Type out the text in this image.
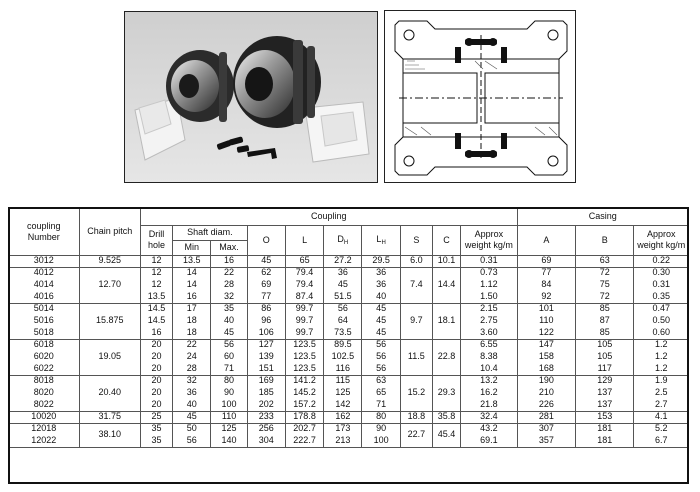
coupling Number	Chain pitch	Coupling										Casing		
		Drill hole	Shaft diam.		O	L	$D_H$	$L_H$	S	C	Approx weight kg/m	A	B	Approx weight kg/m
			Min	Max.										
3012	9.525	12	13.5	16	45	65	27.2	29.5	6.0	10.1	0.31	69	63	0.22
4012	12.70	12	14	22	62	79.4	36	36	7.4	14.4	0.73	77	72	0.30
4014		12	14	28	69	79.4	45	36			1.12	84	75	0.31
4016		13.5	16	32	77	87.4	51.5	40			1.50	92	72	0.35
5014	15.875	14.5	17	35	86	99.7	56	45	9.7	18.1	2.15	101	85	0.47
5016		14.5	18	40	96	99.7	64	45			2.75	110	87	0.50
5018		16	18	45	106	99.7	73.5	45			3.60	122	85	0.60
6018	19.05	20	22	56	127	123.5	89.5	56	11.5	22.8	6.55	147	105	1.2
6020		20	24	60	139	123.5	102.5	56			8.38	158	105	1.2
6022		20	28	71	151	123.5	116	56			10.4	168	117	1.2
8018	20.40	20	32	80	169	141.2	115	63	15.2	29.3	13.2	190	129	1.9
8020		20	36	90	185	145.2	125	65			16.2	210	137	2.5
8022		20	40	100	202	157.2	142	71			21.8	226	137	2.7
10020	31.75	25	45	110	233	178.8	162	80	18.8	35.8	32.4	281	153	4.1
12018	38.10	35	50	125	256	202.7	173	90	22.7	45.4	43.2	307	181	5.2
12022		35	56	140	304	222.7	213	100			69.1	357	181	6.7
